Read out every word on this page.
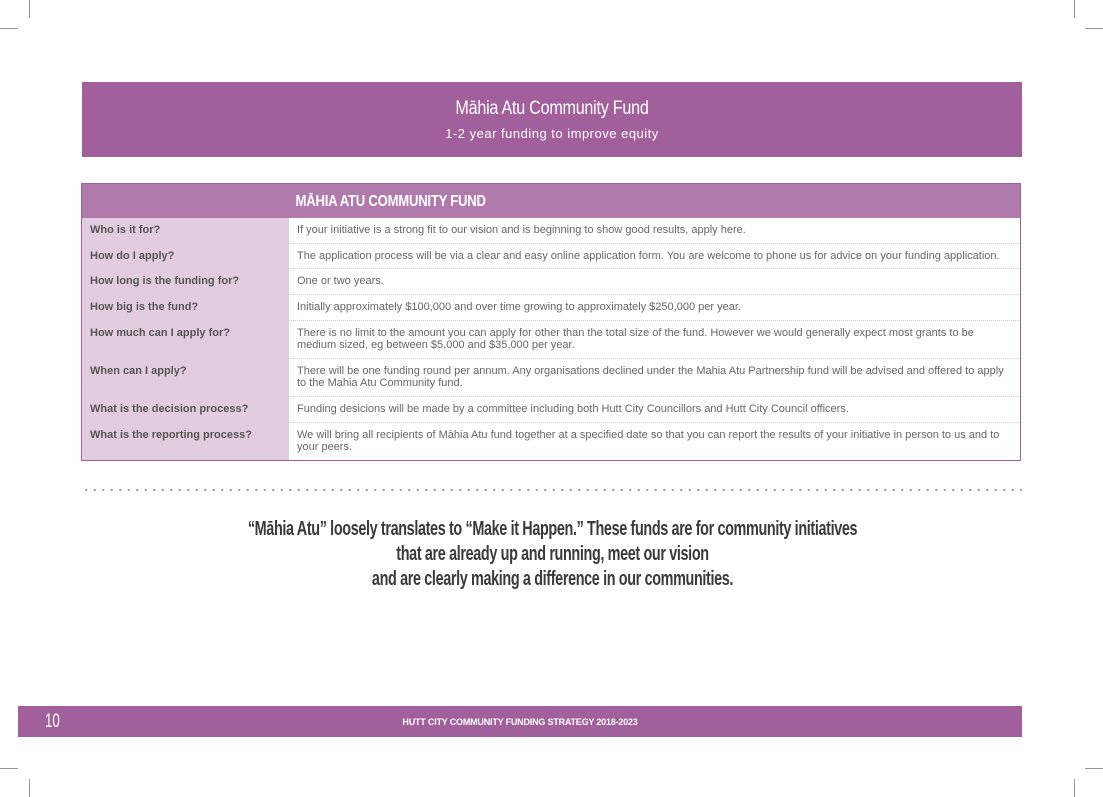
Māhia Atu Community Fund
1-2 year funding to improve equity
MĀHIA ATU COMMUNITY FUND
Who is it for?	If your initiative is a strong fit to our vision and is beginning to show good results, apply here.
How do I apply?	The application process will be via a clear and easy online application form. You are welcome to phone us for advice on your funding application.
How long is the funding for?	One or two years.
How big is the fund?	Initially approximately $100,000 and over time growing to approximately $250,000 per year.
How much can I apply for?	There is no limit to the amount you can apply for other than the total size of the fund. However we would generally expect most grants to be medium sized, eg between $5,000 and $35,000 per year.
When can I apply?	There will be one funding round per annum. Any organisations declined under the Mahia Atu Partnership fund will be advised and offered to apply to the Mahia Atu Community fund.
What is the decision process?	Funding desicions will be made by a committee including both Hutt City Councillors and Hutt City Council officers.
What is the reporting process?	We will bring all recipients of Māhia Atu fund together at a specified date so that you can report the results of your initiative in person to us and to your peers.
“Māhia Atu” loosely translates to “Make it Happen.” These funds are for community initiatives that are already up and running, meet our vision
and are clearly making a difference in our communities.
10	HUTT CITY COMMUNITY FUNDING STRATEGY 2018-2023
